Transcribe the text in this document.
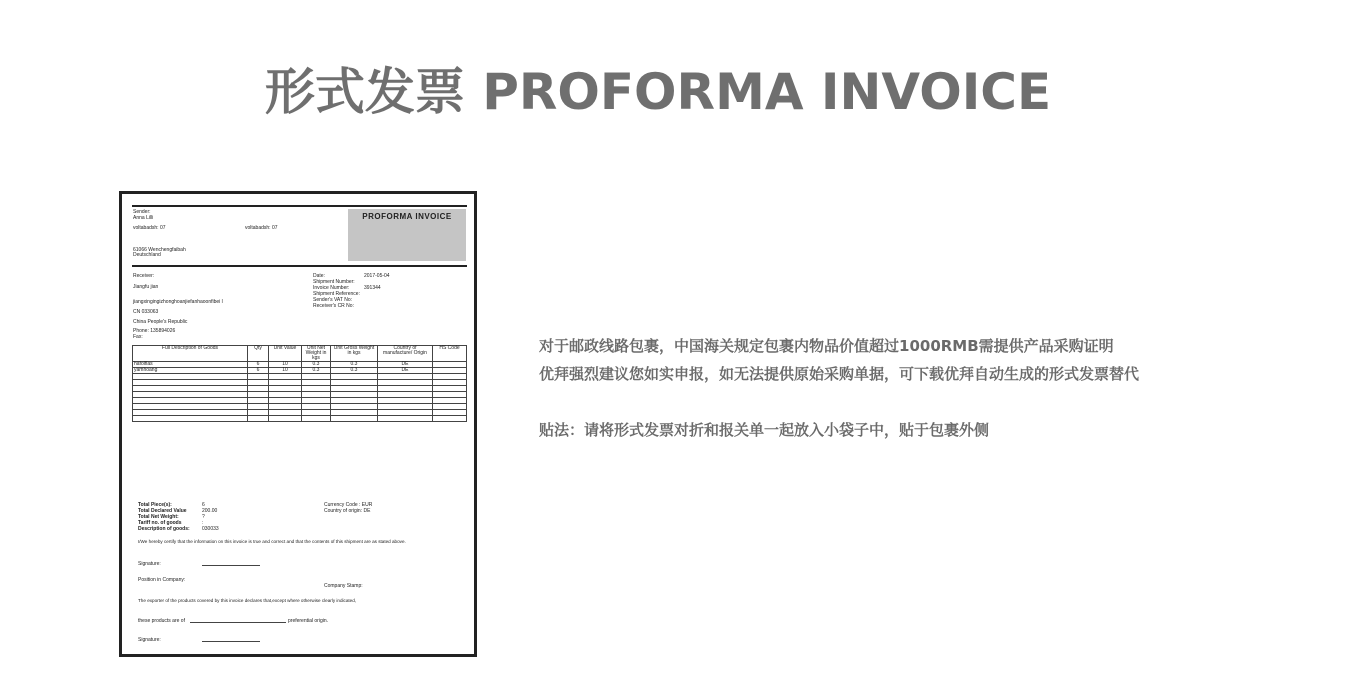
形式发票 PROFORMA INVOICE
Sender:
Anna Lilli
voltabadsh: 07	voltabadsh: 07
61066 Wenchengfaibah
Deutschland
PROFORMA INVOICE
Receiver:
Jiangfu jian
jiangxingingizhonghoanjiefanhaoonfibei l
CN 033063
China People's Republic
Phone: 135894026
Fax:
Date:	2017-05-04
Shipment Number:
Invoice Number:	391344
Shipment Reference:
Sender's VAT No:
Receiver's CR No:
Full Description of Goods	Qty	Unit Value	Unit Net Weight in kgs	Unit Gross Weight in kgs	Country of manufacture/ Origin	HS Code
hafolflas	6	10	0.3	0.3	DE	
yamhoang	6	10	0.3	0.3	DE	

Total Piece(s):	6
Total Declared Value	200.00
Total Net Weight:	?
Tariff no. of goods	:
Description of goods: 030033
Currency Code : EUR
Country of origin: DE
I/We hereby certify that the information on this invoice is true and correct and that the contents of this shipment are as stated above.
Signature:
Position in Company:
Company Stamp:
The exporter of the products covered by this invoice declares that,except where otherwise clearly indicated,
these products are of	preferential origin.
Signature:

对于邮政线路包裹，中国海关规定包裹内物品价值超过1000RMB需提供产品采购证明

优拜强烈建议您如实申报，如无法提供原始采购单据，可下载优拜自动生成的形式发票替代

贴法：请将形式发票对折和报关单一起放入小袋子中，贴于包裹外侧
